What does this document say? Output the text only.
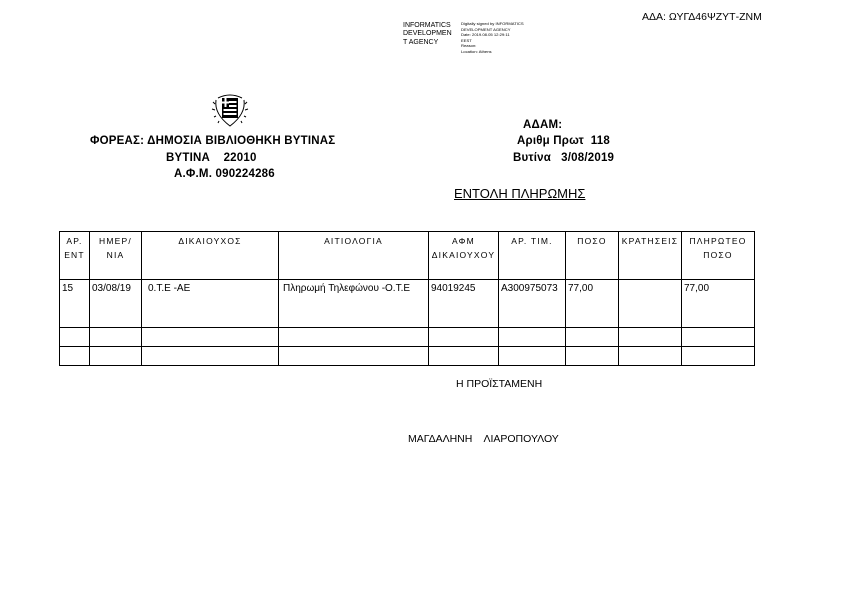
ΑΔΑ: ΩΥΓΔ46ΨΖΥΤ-ΖΝΜ
INFORMATICS
DEVELOPMEN
T AGENCY
Digitally signed by INFORMATICS
DEVELOPMENT AGENCY
Date: 2019.08.05 12:29:11
EEST
Reason:
Location: Athens
ΦΟΡΕΑΣ: ΔΗΜΟΣΙΑ ΒΙΒΛΙΟΘΗΚΗ ΒΥΤΙΝΑΣ
ΒΥΤΙΝΑ    22010
Α.Φ.Μ. 090224286
ΑΔΑΜ:
Αριθμ Πρωτ  118
Βυτίνα   3/08/2019
ΕΝΤΟΛΗ ΠΛΗΡΩΜΗΣ
ΑΡ. ΕΝΤ	ΗΜΕΡ/ΝΙΑ	ΔΙΚΑΙΟΥΧΟΣ	ΑΙΤΙΟΛΟΓΙΑ	ΑΦΜ ΔΙΚΑΙΟΥΧΟΥ	ΑΡ. ΤΙΜ.	ΠΟΣΟ	ΚΡΑΤΗΣΕΙΣ	ΠΛΗΡΩΤΕΟ ΠΟΣΟ
15	03/08/19	0.Τ.Ε -ΑΕ	Πληρωμή Τηλεφώνου -Ο.Τ.Ε	94019245	Α300975073	77,00		77,00

Η ΠΡΟΪΣΤΑΜΕΝΗ
ΜΑΓΔΑΛΗΝΗ    ΛΙΑΡΟΠΟΥΛΟΥ
